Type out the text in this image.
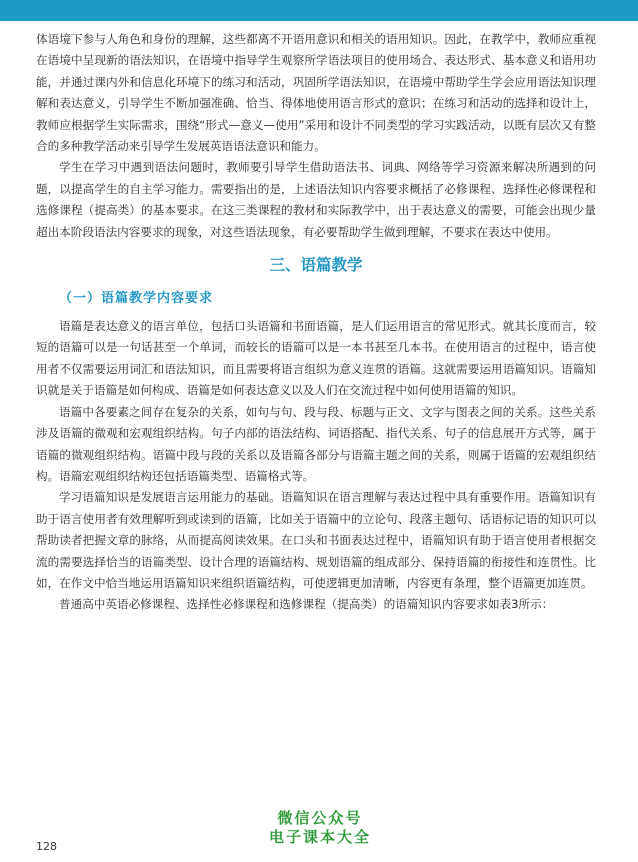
体语境下参与人角色和身份的理解，这些都离不开语用意识和相关的语用知识。因此，在教学中，教师应重视在语境中呈现新的语法知识，在语境中指导学生观察所学语法项目的使用场合、表达形式、基本意义和语用功能，并通过课内外和信息化环境下的练习和活动，巩固所学语法知识，在语境中帮助学生学会应用语法知识理解和表达意义，引导学生不断加强准确、恰当、得体地使用语言形式的意识；在练习和活动的选择和设计上，教师应根据学生实际需求，围绕“形式—意义—使用”采用和设计不同类型的学习实践活动，以既有层次又有整合的多种教学活动来引导学生发展英语语法意识和能力。

学生在学习中遇到语法问题时，教师要引导学生借助语法书、词典、网络等学习资源来解决所遇到的问题，以提高学生的自主学习能力。需要指出的是，上述语法知识内容要求概括了必修课程、选择性必修课程和选修课程（提高类）的基本要求。在这三类课程的教材和实际教学中，出于表达意义的需要，可能会出现少量超出本阶段语法内容要求的现象，对这些语法现象，有必要帮助学生做到理解，不要求在表达中使用。

三、语篇教学
（一）语篇教学内容要求

语篇是表达意义的语言单位，包括口头语篇和书面语篇，是人们运用语言的常见形式。就其长度而言，较短的语篇可以是一句话甚至一个单词，而较长的语篇可以是一本书甚至几本书。在使用语言的过程中，语言使用者不仅需要运用词汇和语法知识，而且需要将语言组织为意义连贯的语篇。这就需要运用语篇知识。语篇知识就是关于语篇是如何构成、语篇是如何表达意义以及人们在交流过程中如何使用语篇的知识。

语篇中各要素之间存在复杂的关系，如句与句、段与段、标题与正文、文字与图表之间的关系。这些关系涉及语篇的微观和宏观组织结构。句子内部的语法结构、词语搭配、指代关系、句子的信息展开方式等，属于语篇的微观组织结构。语篇中段与段的关系以及语篇各部分与语篇主题之间的关系，则属于语篇的宏观组织结构。语篇宏观组织结构还包括语篇类型、语篇格式等。

学习语篇知识是发展语言运用能力的基础。语篇知识在语言理解与表达过程中具有重要作用。语篇知识有助于语言使用者有效理解听到或读到的语篇，比如关于语篇中的立论句、段落主题句、话语标记语的知识可以帮助读者把握文章的脉络，从而提高阅读效果。在口头和书面表达过程中，语篇知识有助于语言使用者根据交流的需要选择恰当的语篇类型、设计合理的语篇结构、规划语篇的组成部分、保持语篇的衔接性和连贯性。比如，在作文中恰当地运用语篇知识来组织语篇结构，可使逻辑更加清晰，内容更有条理，整个语篇更加连贯。

普通高中英语必修课程、选择性必修课程和选修课程（提高类）的语篇知识内容要求如表3所示：

微信公众号
电子课本大全
128
